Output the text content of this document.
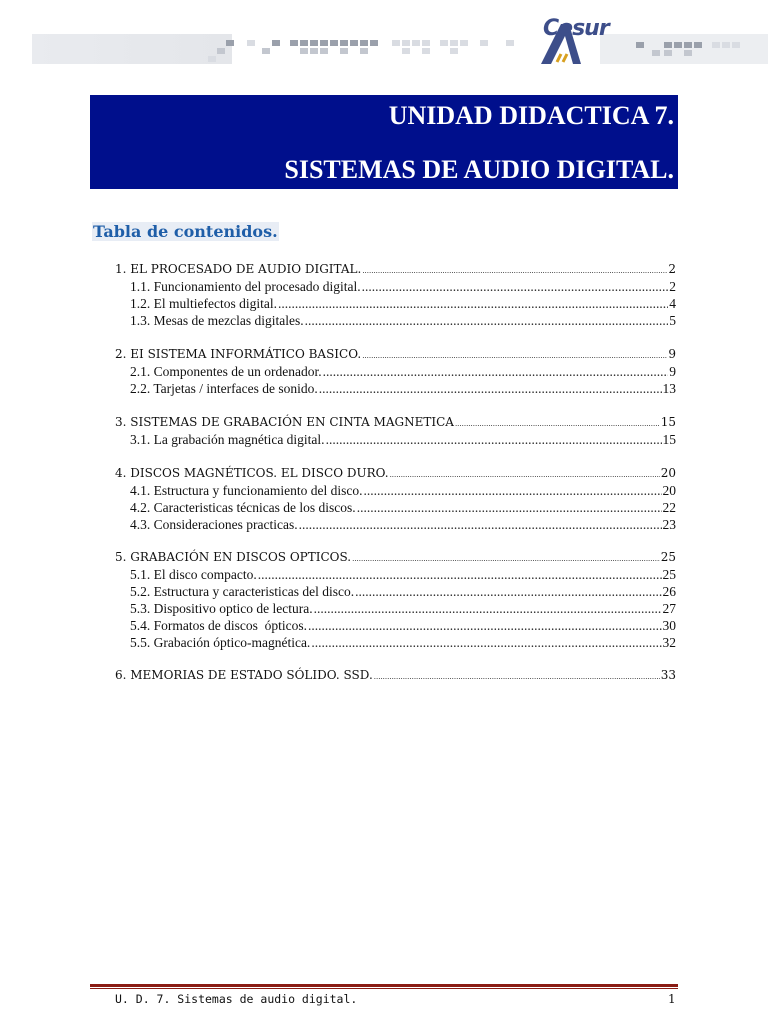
Cesur
UNIDAD DIDACTICA 7.
SISTEMAS DE AUDIO DIGITAL.
Tabla de contenidos.
1. EL PROCESADO DE AUDIO DIGITAL. .....	2
1.1. Funcionamiento del procesado digital. .....	2
1.2. El multiefectos digital. .....	4
1.3. Mesas de mezclas digitales. .....	5
2. EI SISTEMA INFORMÁTICO BASICO. .....	9
2.1. Componentes de un ordenador. .....	9
2.2. Tarjetas / interfaces de sonido. .....	13
3. SISTEMAS DE GRABACIÓN EN CINTA MAGNETICA .....	15
3.1. La grabación magnética digital. .....	15
4. DISCOS MAGNÉTICOS. EL DISCO DURO. .....	20
4.1. Estructura y funcionamiento del disco. .....	20
4.2. Caracteristicas técnicas de los discos. .....	22
4.3. Consideraciones practicas. .....	23
5. GRABACIÓN EN DISCOS OPTICOS. .....	25
5.1. El disco compacto. .....	25
5.2. Estructura y caracteristicas del disco. .....	26
5.3. Dispositivo optico de lectura. .....	27
5.4. Formatos de discos  ópticos. .....	30
5.5. Grabación óptico-magnética. .....	32
6. MEMORIAS DE ESTADO SÓLIDO. SSD. .....	33
U. D. 7. Sistemas de audio digital.	1
